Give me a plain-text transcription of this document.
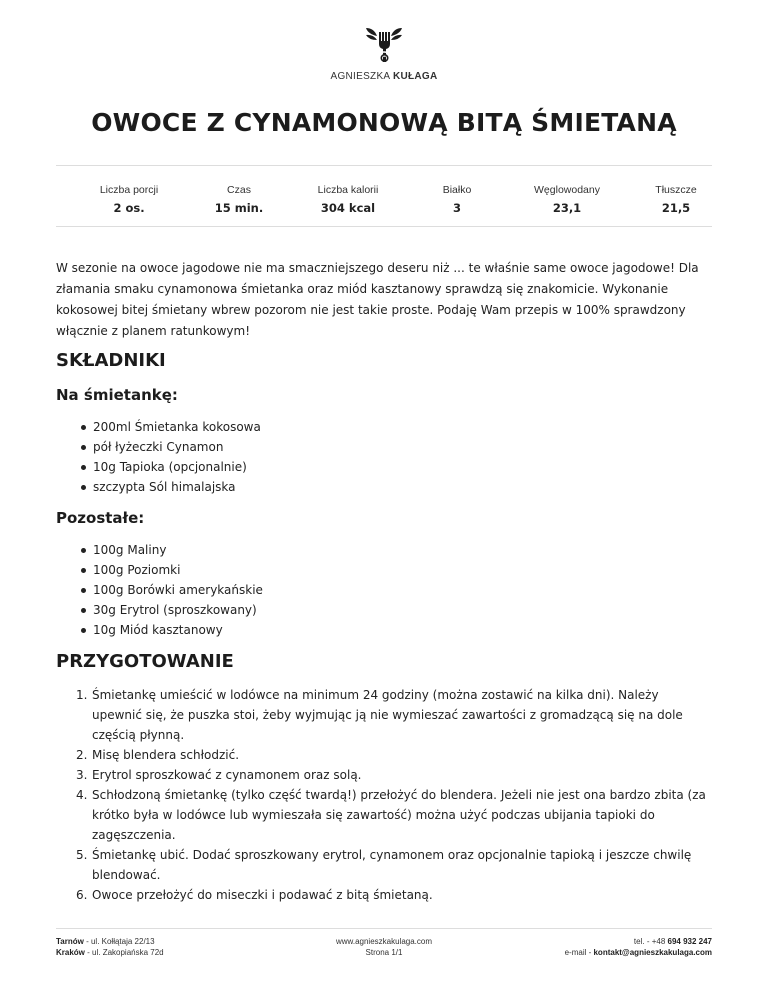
AGNIESZKA KUŁAGA
OWOCE Z CYNAMONOWĄ BITĄ ŚMIETANĄ
Liczba porcji
2 os.
Czas
15 min.
Liczba kalorii
304 kcal
Białko
3
Węglowodany
23,1
Tłuszcze
21,5

W sezonie na owoce jagodowe nie ma smaczniejszego deseru niż ... te właśnie same owoce jagodowe! Dla złamania smaku cynamonowa śmietanka oraz miód kasztanowy sprawdzą się znakomicie. Wykonanie kokosowej bitej śmietany wbrew pozorom nie jest takie proste. Podaję Wam przepis w 100% sprawdzony włącznie z planem ratunkowym!

SKŁADNIKI
Na śmietankę:
200ml Śmietanka kokosowa
pół łyżeczki Cynamon
10g Tapioka (opcjonalnie)
szczypta Sól himalajska
Pozostałe:
100g Maliny
100g Poziomki
100g Borówki amerykańskie
30g Erytrol (sproszkowany)
10g Miód kasztanowy
PRZYGOTOWANIE
1. Śmietankę umieścić w lodówce na minimum 24 godziny (można zostawić na kilka dni). Należy upewnić się, że puszka stoi, żeby wyjmując ją nie wymieszać zawartości z gromadzącą się na dole częścią płynną.
2. Misę blendera schłodzić.
3. Erytrol sproszkować z cynamonem oraz solą.
4. Schłodzoną śmietankę (tylko część twardą!) przełożyć do blendera. Jeżeli nie jest ona bardzo zbita (za krótko była w lodówce lub wymieszała się zawartość) można użyć podczas ubijania tapioki do zagęszczenia.
5. Śmietankę ubić. Dodać sproszkowany erytrol, cynamonem oraz opcjonalnie tapioką i jeszcze chwilę blendować.
6. Owoce przełożyć do miseczki i podawać z bitą śmietaną.
Tarnów - ul. Kołłątaja 22/13
Kraków - ul. Zakopiańska 72d
www.agnieszkakulaga.com
Strona 1/1
tel. - +48 694 932 247
e-mail - kontakt@agnieszkakulaga.com
